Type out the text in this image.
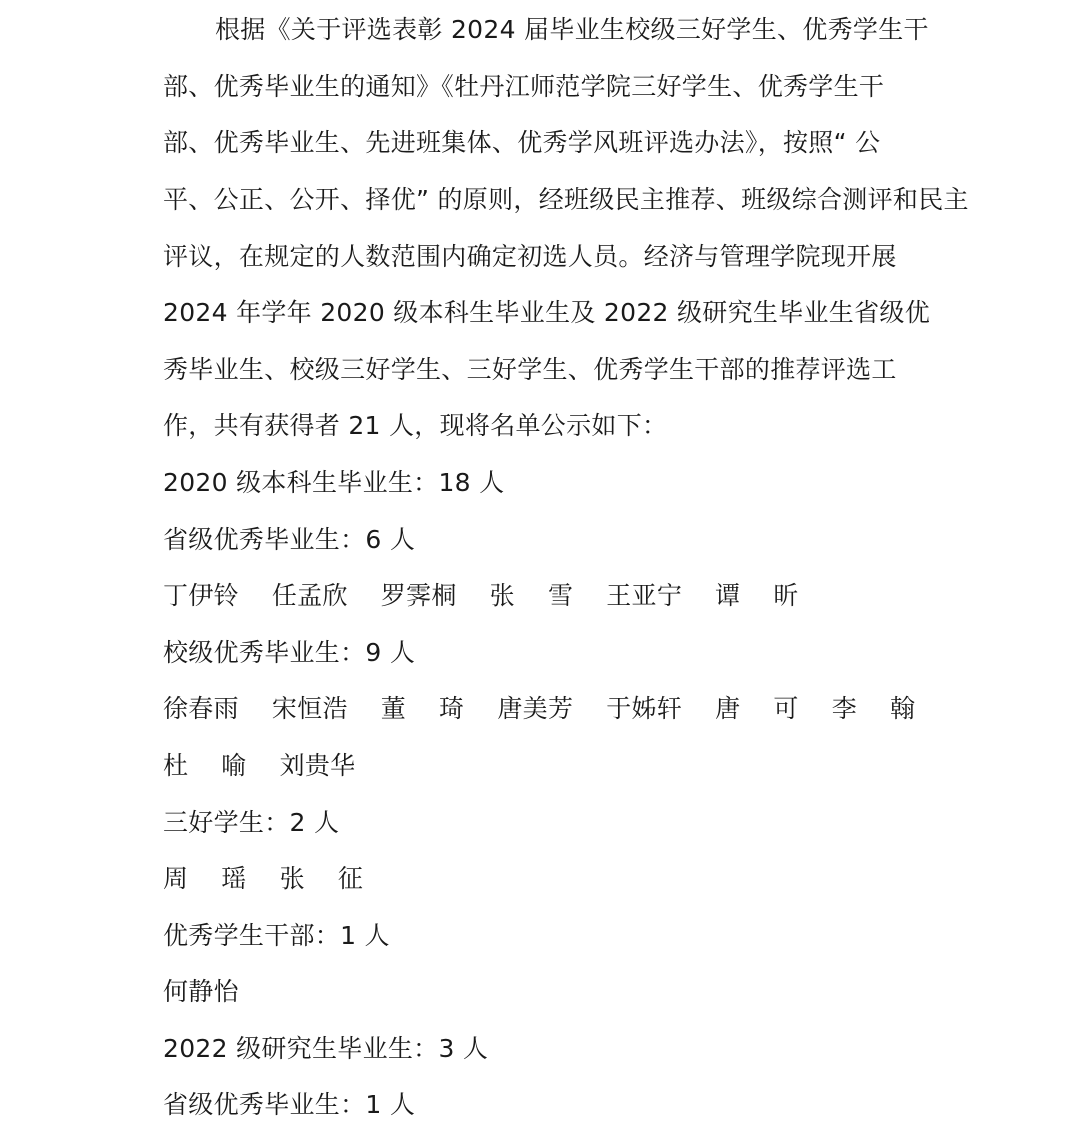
根据《关于评选表彰 2024 届毕业生校级三好学生、优秀学生干
部、优秀毕业生的通知》《牡丹江师范学院三好学生、优秀学生干
部、优秀毕业生、先进班集体、优秀学风班评选办法》，按照“ 公
平、公正、公开、择优” 的原则，经班级民主推荐、班级综合测评和民主
评议，在规定的人数范围内确定初选人员。经济与管理学院现开展
2024 年学年 2020 级本科生毕业生及 2022 级研究生毕业生省级优
秀毕业生、校级三好学生、三好学生、优秀学生干部的推荐评选工
作，共有获得者 21 人，现将名单公示如下：
2020 级本科生毕业生：18 人
省级优秀毕业生：6 人
丁伊铃    任孟欣    罗霁桐    张    雪    王亚宁    谭    昕
校级优秀毕业生：9 人
徐春雨    宋恒浩    董    琦    唐美芳    于姊轩    唐    可    李    翰
杜    喻    刘贵华
三好学生：2 人
周    瑶    张    征
优秀学生干部：1 人
何静怡
2022 级研究生毕业生：3 人
省级优秀毕业生：1 人
